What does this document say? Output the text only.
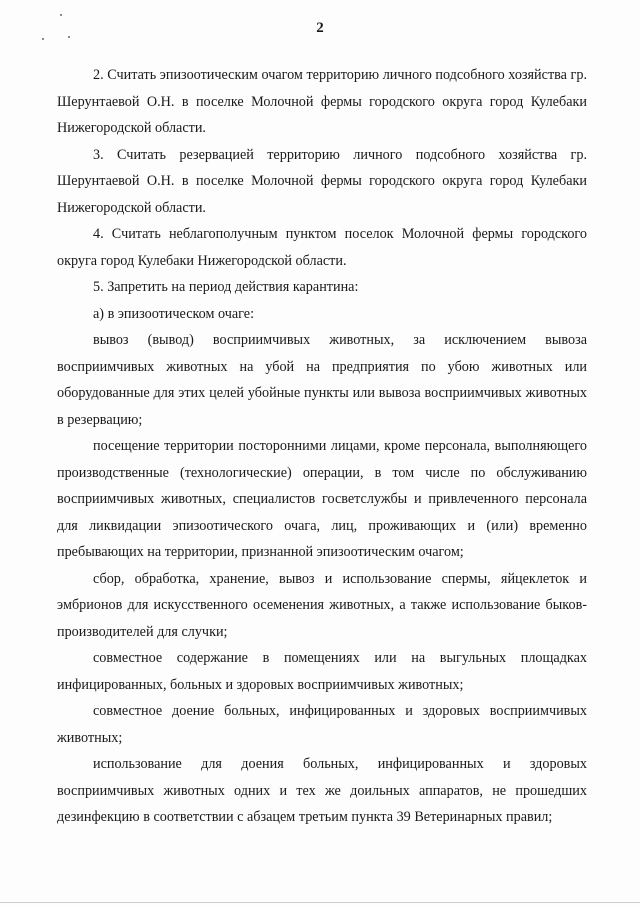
2

2. Считать эпизоотическим очагом территорию личного подсобного хозяйства гр. Шерунтаевой О.Н. в поселке Молочной фермы городского округа город Кулебаки Нижегородской области.

3. Считать резервацией территорию личного подсобного хозяйства гр. Шерунтаевой О.Н. в поселке Молочной фермы городского округа город Кулебаки Нижегородской области.

4. Считать неблагополучным пунктом поселок Молочной фермы городского округа город Кулебаки Нижегородской области.

5. Запретить на период действия карантина:

а) в эпизоотическом очаге:

вывоз (вывод) восприимчивых животных, за исключением вывоза восприимчивых животных на убой на предприятия по убою животных или оборудованные для этих целей убойные пункты или вывоза восприимчивых животных в резервацию;

посещение территории посторонними лицами, кроме персонала, выполняющего производственные (технологические) операции, в том числе по обслуживанию восприимчивых животных, специалистов госветслужбы и привлеченного персонала для ликвидации эпизоотического очага, лиц, проживающих и (или) временно пребывающих на территории, признанной эпизоотическим очагом;

сбор, обработка, хранение, вывоз и использование спермы, яйцеклеток и эмбрионов для искусственного осеменения животных, а также использование быков-производителей для случки;

совместное содержание в помещениях или на выгульных площадках инфицированных, больных и здоровых восприимчивых животных;

совместное доение больных, инфицированных и здоровых восприимчивых животных;

использование для доения больных, инфицированных и здоровых восприимчивых животных одних и тех же доильных аппаратов, не прошедших дезинфекцию в соответствии с абзацем третьим пункта 39 Ветеринарных правил;
